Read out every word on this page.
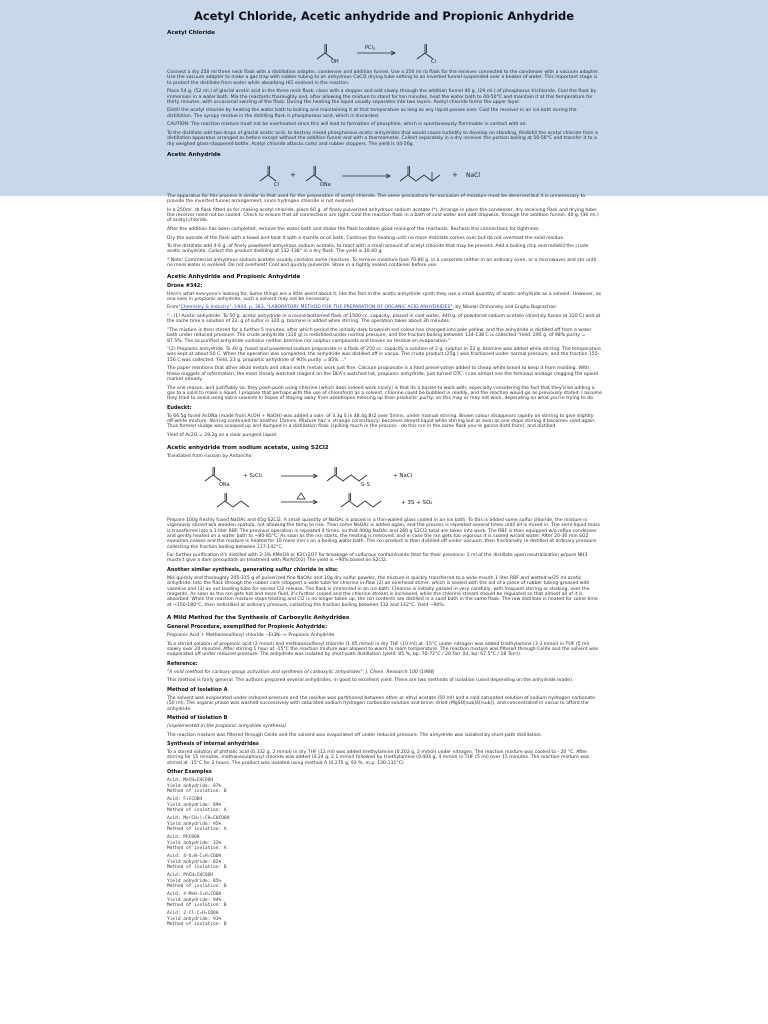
Acetyl Chloride, Acetic anhydride and Propionic Anhydride
Acetyl Chloride
OH
PCl$_3$
Cl
Connect a dry 250 ml three neck flask with a distillation adapter, condenser and addition funnel. Use a 250 ml rb flask for the receiver connected to the condenser with a vacuum adapter. Use the vacuum adapter to make a gas trap with rubber tubing to an anhydrous CaCl2 drying tube setting to an inverted funnel suspended over a beaker of water. This important stage is to protect the distillate from water while absorbing HCl evolved in the reaction.
Place 54 g. (52 ml.) of glacial acetic acid in the three neck flask, close with a stopper and add slowly through the addition funnel 46 g. (29 ml.) of phosphorus trichloride. Cool the flask by immersion in a water bath. Mix the reactants thoroughly and, after allowing the mixture to stand for ten minutes, heat the water bath to 40-50°C and maintain it at this temperature for thirty minutes, with occasional swirling of the flask. During the heating the liquid usually separates into two layers. Acetyl chloride forms the upper layer.
Distill the acetyl chloride by heating the water bath to boiling and maintaining it at that temperature as long as any liquid passes over. Cool the receiver in an ice bath during the distillation. The syrupy residue in the distilling flask is phosphorous acid, which is discarded.
CAUTION: The reaction mixture must not be overheated since this will lead to formation of phosphine, which is spontaneously flammable in contact with air.
To the distillate add two drops of glacial acetic acid, to destroy mixed phosphorous-acetic anhydrides that would cause turbidity to develop on standing. Redistill the acetyl chloride from a distillation apparatus arranged as before except without the addition funnel and with a thermometer. Collect separately in a dry receiver the portion boiling at 50-56°C and transfer it to a dry weighed glass-stoppered bottle. Acetyl chloride attacks corks and rubber stoppers. The yield is 44-56g.
Acetic Anhydride
Cl
+
ONa
+ NaCl
The apparatus for this process is similar to that used for the preparation of acetyl chloride. The same precautions for exclusion of moisture must be observed but it is unnecessary to provide the inverted funnel arrangement, since hydrogen chloride is not evolved.
In a 250ml. rb flask fitted as for making acetyl chloride, place 60 g. of finely pulverized anhydrous sodium acetate (*). Arrange in place the condenser, dry receiving flask and drying tube; the receiver need not be cooled. Check to ensure that all connections are tight. Cool the reaction flask in a bath of cold water and add dropwise, through the addition funnel, 40 g. (36 ml.) of acetyl chloride.
After the addition has been completed, remove the water bath and shake the flask to obtain good mixing of the reactants. Recheck the connections for tightness.
Dry the outside of the flask with a towel and heat it with a mantle or oil bath. Continue the heating until no more distillate comes over but do not overheat the solid residue.
To the distillate add 4-6 g. of finely powdered anhydrous sodium acetate, to react with a small amount of acetyl chloride that may be present. Add a boiling chip and redistill the crude acetic anhydride. Collect the product distilling at 132-138° in a dry flask. The yield is 30-40 g.
* Note: Commercial anhydrous sodium acetate usually contains some moisture. To remove moisture fuse 70-80 g. in a casserole (either in an ordinary oven, or a microwave) and stir until no more water is evolved. Do not overheat! Cool and quickly pulverize. Store in a tightly sealed container before use.
Acetic Anhydride and Propionic Anhydride
Drone #342:
Here's what everyone's looking for. Some things are a little weird about it, like the fact in the acetic anhydride synth they use a small quantity of acetic anhydride as a solvent. However, as one sees in propionic anhydride, such a solvent may not be necessary.
From"Chemistry & Industry", 1944, p. 383, "LABORATORY METHOD FOR THE PREPARATION OF ORGANIC ACID ANHYDRIDES", by Nikolai Orshansky and Enghu Bograchov:
"...(1) Acetic anhydride. To 50 g. acetic anhydride in a round-bottomed flask of 1500 cc. capacity, placed in cold water, 440 g. of powdered sodium acetate (dried by fusion at 320 C) and at the same time a solution of 22. g of sulfur in 320 g. bromine is added while stirring. The operation takes about 30 minutes.
"The mixture is then stirred for a further 5 minutes, after which period the initially dark brownish-red colour has changed into pale yellow, and the anhydride is distilled off from a water bath under reduced pressure. The crude anhydride (310 g) is redistilled under normal pressure, and the fraction boiling between 134-138 C is collected. Yield, 295 g. of 98% purity = 87.5%. The so purified anhydride contains neither bromine nor sulphur compounds and leaves no residue on evaporation."
"(2) Propionic anhydride. To 40 g. fused and powdered sodium propionate in a flask of 250 cc. capacity a solution of 2 g. sulphur in 22 g. bromine was added while stirring. The temperature was kept at about 50 C. When the operation was completed, the anhydride was distilled off in vacuo. The crude product (25g.) was fractioned under normal pressure, and the fraction 155-156 C was collected. Yield, 23 g. propionic anhydride of 90% purity = 85% ..."
The paper mentions that other alkali metals and alkali earth metals work just fine. Calcium propionate is a food preservative added to cheap white bread to keep it from molding. With these nuggets of information, the most closely watched reagent on the DEA's watched list, propionic anhydride, just turned OTC. I can almost see the feminazi analogs clogging the opioid market already.
The one reason, and justifiably so, they pooh-pooh using chlorine (which does indeed work nicely) is that its a hassle to work with, especially considering the fact that they'd be adding a gas to a solid to make a liquid. I propose that perhaps with the use of chloroform as a solvent, chlorine could be bubbled in readily, and the reaction would go as previously stated. I assume they tried to avoid using extra solvents in hopes of staying away from azeotropes messing up their products' purity, so this may or may not work, depending on what you're trying to do.
Eudeckt:
To 66.5g fused AcONa (made from AcOH + NaOH) was added a soln. of 3.3g S in 48.4g Br2 over 5mins, under manual stirring. Brown colour disappears rapidly on stirring to give slightly off-white mixture. Stirring continued for another 15mins. Mixture has v. strange consistancy; becomes almost liquid while stirring but as soon as one stops stirring it becomes solid again. Thus formed sludge was scooped up and dumped in a distillation flask (spilling much in the process - do this rxn in the same flask you're gonna distil from), and distilled.
Yield of Ac2O = 29.2g as a clear pungent liquid.
Acetic anhydride from sodium acetate, using S2Cl2
Translated from russian by Antoncho
ONa
+ S₂Cl₂
S–S
+ NaCl
+ 3S + SO₂
Prepare 100g freshly fused NaOAc and 65g S2Cl2. A small quantity of NaOAc is placed in a thin-walled glass cooled in an ice bath. To this is added some sulfur chloride, the mixture is vigorously stirred w/a wooden spatula, not allowing the temp to rise. Then some NaOAc is added again, and the process is repeated several times until all is mixed in. The semi-liquid mass is transferred into a 1 liter RBF. The previous operation is repeated 4 times, so that 400g NaOAc and 260 g S2Cl2 total are taken into work. The RBF is then equipped w/a reflux condenser and gently heated on a water bath to ~80-85°C. As soon as the rxn starts, the heating is removed, and in case the rxn gets too vigorous it is cooled w/cold water. After 20-30 min SO2 evolution ceases and the mixture is heated for 10 more min's on a boiling water bath. The rxn product is then distilled off under vacuum, then fractionally re-distilled at ordinary pressure, collecting the fraction boiling between 137-142°C.
For further purification it's distilled with 2-3% KMnO4 or K2Cr2O7 for breakage of sulfurous contaminants (test for their presence: 1 ml of the distillate upon neutralization w/pure NH3 mustn't give a dark precipitate on treatment with Pb(AcO)2) The yield is ~90% based on S2Cl2.
Another similar synthesis, generating sulfur chloride in situ:
Mix quickly and thoroughly 205-215 g of pulverized fine NaOAc and 10g dry sulfur powder, the mixture is quickly transferred to a wide-mouth 1 liter RBF and wetted w/25 ml acetic anhydride. Into the flask through the rubber cork (stopper) a wide tube for chlorine in-flow (2) an overhead stirrer, which is sealed with the aid of a piece of rubber tubing greased with vaseline and (3) an out-leading tube for excess Cl2 release. The flask is immersed in an ice-bath. Chlorine is initially passed in very carefully, with frequent stirring or shaking, over the reagents. As soon as the rxn gets hot and more fluid, it's further cooled and the chlorine stream is increased, while the chlorine stream should be regulated so that almost all of it is absorbed. When the reaction mixture stops heating and Cl2 is no longer taken up, the rxn contents are distilled in a sand bath in the same flask. The raw distillate is heated for some time at ~150-180°C, then redistilled at ordinary pressure, collecting the fraction boiling between 132 and 142°C. Yield ~90%.
A Mild Method for the Synthesis of Carboxylic Anhydrides
General Procedure, exemplified for Propionic Anhydride:
Propionic Acid + Methanesulfonyl chloride --Et3N--> Propionic Anhydride
To a stirred solution of propionic acid (2 mmol) and methanesulfonyl chloride (1.05 mmol) in dry THF (10 ml) at -15°C under nitrogen was added triethylamine (3.3 mmol) in THF (5 ml) slowly over 20 minutes. After stirring 1 hour at -15°C the reaction mixture was allowed to warm to room temperature. The reaction mixture was filtered through Celite and the solvent was evaporated off under reduced pressure. The anhydride was isolated by short-path distillation (yield: 85 %, bp: 70-72°C / 20 Torr (lit. bp: 67.5°C / 18 Torr)).
Reference:
"A mild method for carboxy-group activation and synthesis of carboxylic anhydrides", J. Chem. Research 100 (1984)
This method is fairly general. The authors prepared several anhydrides, in good to excellent yield. There are two methods of isolation (used depending on the anhydride made).
Method of Isolation A
The solvent was evaporated under reduced pressure and the residue was partitioned between ether or ethyl acetate (50 ml) and a cold saturated solution of sodium hydrogen carbonate (50 ml). The organic phase was washed successively with saturated sodium hydrogen carbonate solution and brine, dried (MgSO[sub]4[/sub]), and concentrated in vacuo to afford the anhydride.
Method of Isolation B
(implemented in the propionic anhydride synthesis)
The reaction mixture was filtered through Celite and the solvent was evaporated off under reduced pressure. The anhydride was isolated by short-path distillation.
Synthesis of internal anhydrides
To a stirred solution of phthalic acid (0.332 g, 2 mmol) in dry THF (12 ml) was added triethylamine (0.202 g, 2 mmol) under nitrogen. The reaction mixture was cooled to - 20 °C. After stirring for 15 minutes, methanesulphonyl chloride was added (0.24 g, 2.1 mmol) followed by triethylamine (0.404 g, 4 mmol) in THF (5 ml) over 15 minutes. The reaction mixture was stirred at -15°C for 2 hours. The product was isolated using method A (0.275 g, 93 %, m.p. 130-131°C)
Other Examples
Acid: MeCH=CHCOOH
Yield anhydride: 87%
Method of isolation: B
Acid: F₃CCOOH
Yield anhydride: 89%
Method of isolation: A
Acid: Me(CH₂)₇CH=CHCOOH
Yield anhydride: 95%
Method of isolation: A
Acid: PhCOOH
Yield anhydride: 32%
Method of isolation: A
Acid: 4-O₂N-C₆H₄COOH
Yield anhydride: 82%
Method of isolation: B
Acid: PhCH=CHCOOH
Yield anhydride: 85%
Method of isolation: B
Acid: 4-MeO-C₆H₄COOH
Yield anhydride: 94%
Method of isolation: B
Acid: 2-Cl-C₆H₄COOH
Yield anhydride: 93%
Method of isolation: B
